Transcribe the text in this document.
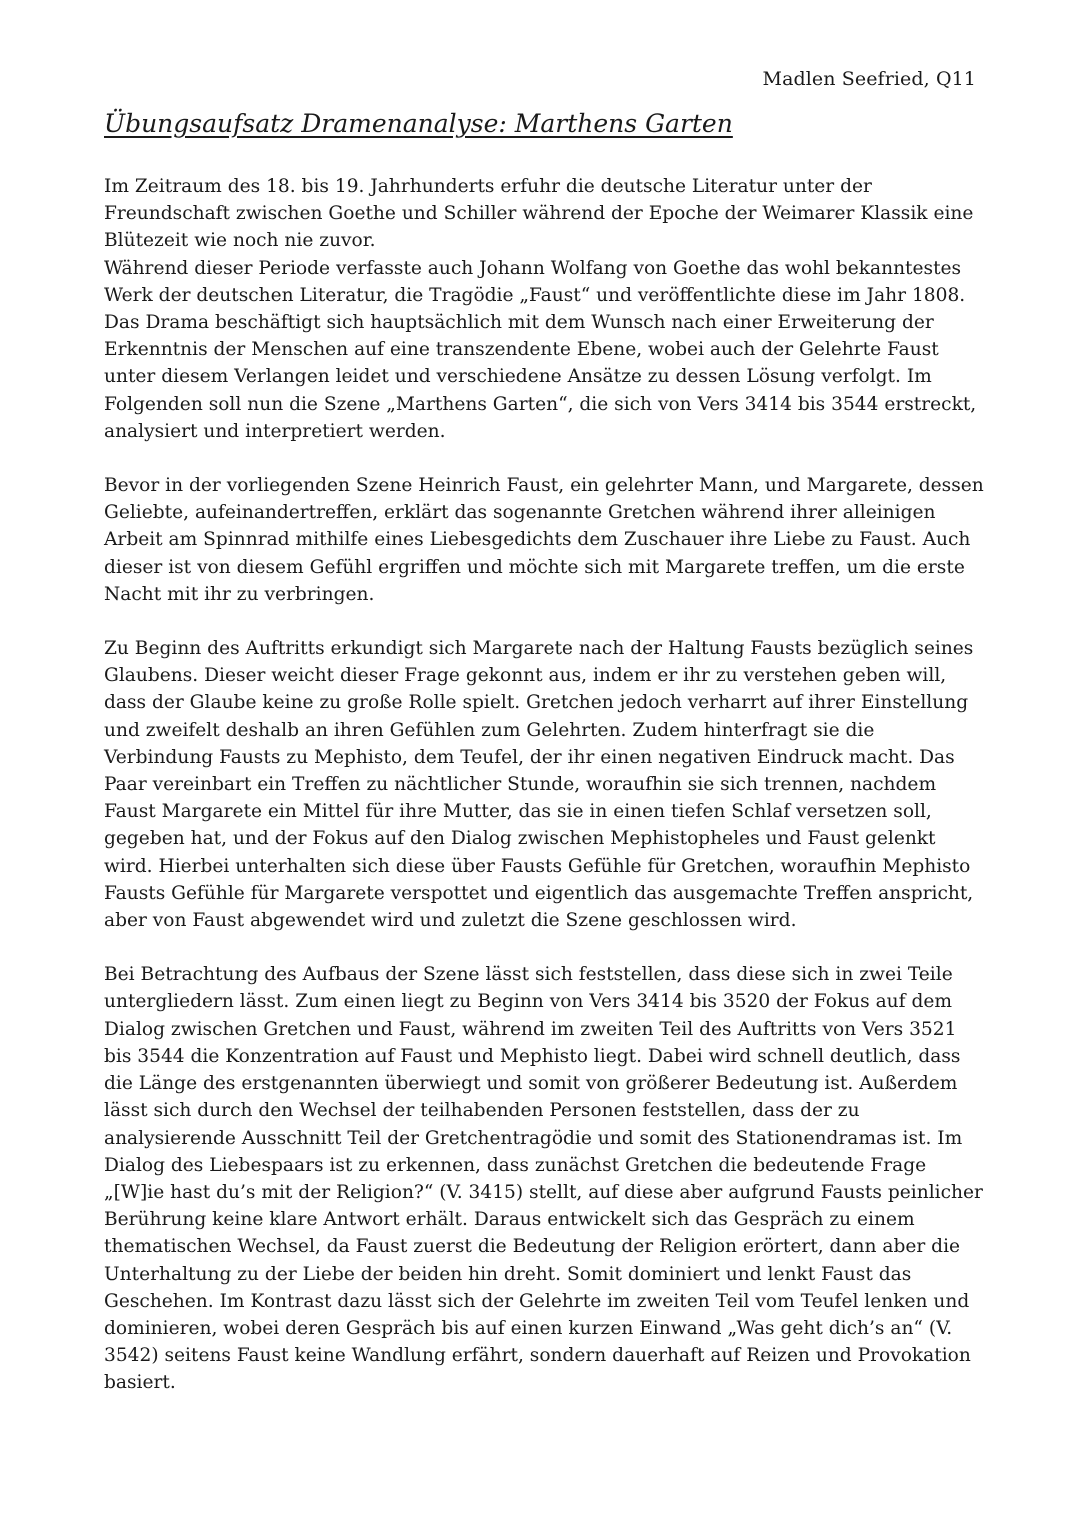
Madlen Seefried, Q11
Übungsaufsatz Dramenanalyse: Marthens Garten

Im Zeitraum des 18. bis 19. Jahrhunderts erfuhr die deutsche Literatur unter der Freundschaft zwischen Goethe und Schiller während der Epoche der Weimarer Klassik eine Blütezeit wie noch nie zuvor.

Während dieser Periode verfasste auch Johann Wolfang von Goethe das wohl bekanntestes Werk der deutschen Literatur, die Tragödie „Faust“ und veröffentlichte diese im Jahr 1808. Das Drama beschäftigt sich hauptsächlich mit dem Wunsch nach einer Erweiterung der Erkenntnis der Menschen auf eine transzendente Ebene, wobei auch der Gelehrte Faust unter diesem Verlangen leidet und verschiedene Ansätze zu dessen Lösung verfolgt. Im Folgenden soll nun die Szene „Marthens Garten“, die sich von Vers 3414 bis 3544 erstreckt, analysiert und interpretiert werden.

Bevor in der vorliegenden Szene Heinrich Faust, ein gelehrter Mann, und Margarete, dessen Geliebte, aufeinandertreffen, erklärt das sogenannte Gretchen während ihrer alleinigen Arbeit am Spinnrad mithilfe eines Liebesgedichts dem Zuschauer ihre Liebe zu Faust. Auch dieser ist von diesem Gefühl ergriffen und möchte sich mit Margarete treffen, um die erste Nacht mit ihr zu verbringen.

Zu Beginn des Auftritts erkundigt sich Margarete nach der Haltung Fausts bezüglich seines Glaubens. Dieser weicht dieser Frage gekonnt aus, indem er ihr zu verstehen geben will, dass der Glaube keine zu große Rolle spielt. Gretchen jedoch verharrt auf ihrer Einstellung und zweifelt deshalb an ihren Gefühlen zum Gelehrten. Zudem hinterfragt sie die Verbindung Fausts zu Mephisto, dem Teufel, der ihr einen negativen Eindruck macht. Das Paar vereinbart ein Treffen zu nächtlicher Stunde, woraufhin sie sich trennen, nachdem Faust Margarete ein Mittel für ihre Mutter, das sie in einen tiefen Schlaf versetzen soll, gegeben hat, und der Fokus auf den Dialog zwischen Mephistopheles und Faust gelenkt wird. Hierbei unterhalten sich diese über Fausts Gefühle für Gretchen, woraufhin Mephisto Fausts Gefühle für Margarete verspottet und eigentlich das ausgemachte Treffen anspricht, aber von Faust abgewendet wird und zuletzt die Szene geschlossen wird.

Bei Betrachtung des Aufbaus der Szene lässt sich feststellen, dass diese sich in zwei Teile untergliedern lässt. Zum einen liegt zu Beginn von Vers 3414 bis 3520 der Fokus auf dem Dialog zwischen Gretchen und Faust, während im zweiten Teil des Auftritts von Vers 3521 bis 3544 die Konzentration auf Faust und Mephisto liegt. Dabei wird schnell deutlich, dass die Länge des erstgenannten überwiegt und somit von größerer Bedeutung ist. Außerdem lässt sich durch den Wechsel der teilhabenden Personen feststellen, dass der zu analysierende Ausschnitt Teil der Gretchentragödie und somit des Stationendramas ist. Im Dialog des Liebespaars ist zu erkennen, dass zunächst Gretchen die bedeutende Frage „[W]ie hast du’s mit der Religion?“ (V. 3415) stellt, auf diese aber aufgrund Fausts peinlicher Berührung keine klare Antwort erhält. Daraus entwickelt sich das Gespräch zu einem thematischen Wechsel, da Faust zuerst die Bedeutung der Religion erörtert, dann aber die Unterhaltung zu der Liebe der beiden hin dreht. Somit dominiert und lenkt Faust das Geschehen. Im Kontrast dazu lässt sich der Gelehrte im zweiten Teil vom Teufel lenken und dominieren, wobei deren Gespräch bis auf einen kurzen Einwand „Was geht dich’s an“ (V. 3542) seitens Faust keine Wandlung erfährt, sondern dauerhaft auf Reizen und Provokation basiert.
